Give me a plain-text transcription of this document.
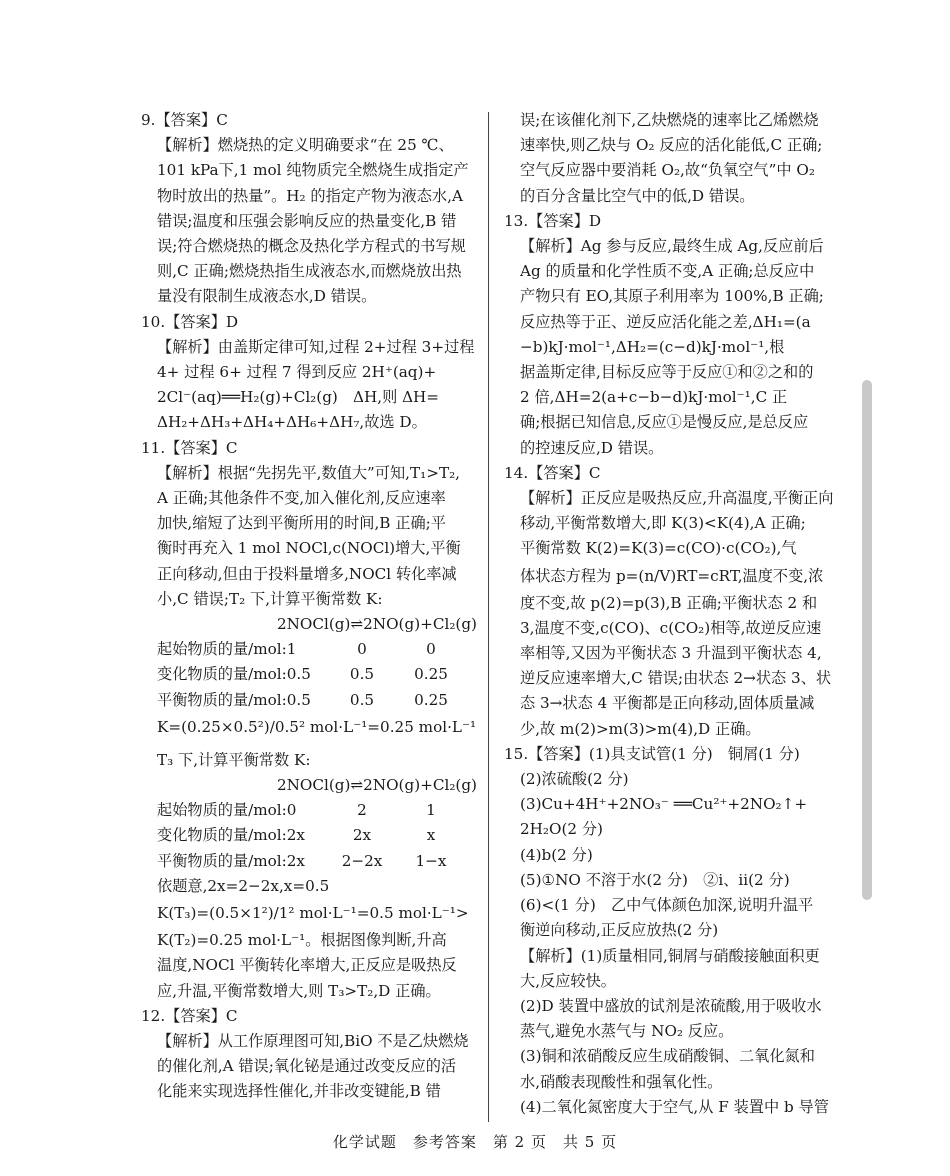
9.【答案】C
【解析】燃烧热的定义明确要求“在 25 ℃、
101 kPa下,1 mol 纯物质完全燃烧生成指定产
物时放出的热量”。H₂ 的指定产物为液态水,A
错误;温度和压强会影响反应的热量变化,B 错
误;符合燃烧热的概念及热化学方程式的书写规
则,C 正确;燃烧热指生成液态水,而燃烧放出热
量没有限制生成液态水,D 错误。
10.【答案】D
【解析】由盖斯定律可知,过程 2+过程 3+过程
4+ 过程 6+ 过程 7 得到反应 2H⁺(aq)+
2Cl⁻(aq)══H₂(g)+Cl₂(g)　ΔH,则 ΔH=
ΔH₂+ΔH₃+ΔH₄+ΔH₆+ΔH₇,故选 D。
11.【答案】C
【解析】根据“先拐先平,数值大”可知,T₁>T₂,
A 正确;其他条件不变,加入催化剂,反应速率
加快,缩短了达到平衡所用的时间,B 正确;平
衡时再充入 1 mol NOCl,c(NOCl)增大,平衡
正向移动,但由于投料量增多,NOCl 转化率减
小,C 错误;T₂ 下,计算平衡常数 K:
2NOCl(g)⇌2NO(g)+Cl₂(g)
起始物质的量/mol:1	0	0
变化物质的量/mol:0.5	0.5	0.25
平衡物质的量/mol:0.5	0.5	0.25
K=(0.25×0.5²)/0.5² mol·L⁻¹=0.25 mol·L⁻¹
T₃ 下,计算平衡常数 K:
2NOCl(g)⇌2NO(g)+Cl₂(g)
起始物质的量/mol:0	2	1
变化物质的量/mol:2x	2x	x
平衡物质的量/mol:2x	2−2x	1−x
依题意,2x=2−2x,x=0.5
K(T₃)=(0.5×1²)/1² mol·L⁻¹=0.5 mol·L⁻¹>
K(T₂)=0.25 mol·L⁻¹。根据图像判断,升高
温度,NOCl 平衡转化率增大,正反应是吸热反
应,升温,平衡常数增大,则 T₃>T₂,D 正确。
12.【答案】C
【解析】从工作原理图可知,BiO 不是乙炔燃烧
的催化剂,A 错误;氧化铋是通过改变反应的活
化能来实现选择性催化,并非改变键能,B 错
误;在该催化剂下,乙炔燃烧的速率比乙烯燃烧
速率快,则乙炔与 O₂ 反应的活化能低,C 正确;
空气反应器中要消耗 O₂,故“负氧空气”中 O₂
的百分含量比空气中的低,D 错误。
13.【答案】D
【解析】Ag 参与反应,最终生成 Ag,反应前后
Ag 的质量和化学性质不变,A 正确;总反应中
产物只有 EO,其原子利用率为 100%,B 正确;
反应热等于正、逆反应活化能之差,ΔH₁=(a
−b)kJ·mol⁻¹,ΔH₂=(c−d)kJ·mol⁻¹,根
据盖斯定律,目标反应等于反应①和②之和的
2 倍,ΔH=2(a+c−b−d)kJ·mol⁻¹,C 正
确;根据已知信息,反应①是慢反应,是总反应
的控速反应,D 错误。
14.【答案】C
【解析】正反应是吸热反应,升高温度,平衡正向
移动,平衡常数增大,即 K(3)<K(4),A 正确;
平衡常数 K(2)=K(3)=c(CO)·c(CO₂),气
体状态方程为 p=(n/V)RT=cRT,温度不变,浓
度不变,故 p(2)=p(3),B 正确;平衡状态 2 和
3,温度不变,c(CO)、c(CO₂)相等,故逆反应速
率相等,又因为平衡状态 3 升温到平衡状态 4,
逆反应速率增大,C 错误;由状态 2→状态 3、状
态 3→状态 4 平衡都是正向移动,固体质量减
少,故 m(2)>m(3)>m(4),D 正确。
15.【答案】(1)具支试管(1 分)　铜屑(1 分)
(2)浓硫酸(2 分)
(3)Cu+4H⁺+2NO₃⁻ ══Cu²⁺+2NO₂↑+
2H₂O(2 分)
(4)b(2 分)
(5)①NO 不溶于水(2 分)　②ⅰ、ⅱ(2 分)
(6)<(1 分)　乙中气体颜色加深,说明升温平
衡逆向移动,正反应放热(2 分)
【解析】(1)质量相同,铜屑与硝酸接触面积更
大,反应较快。
(2)D 装置中盛放的试剂是浓硫酸,用于吸收水
蒸气,避免水蒸气与 NO₂ 反应。
(3)铜和浓硝酸反应生成硝酸铜、二氧化氮和
水,硝酸表现酸性和强氧化性。
(4)二氧化氮密度大于空气,从 F 装置中 b 导管
化学试题　参考答案　第 2 页　共 5 页
